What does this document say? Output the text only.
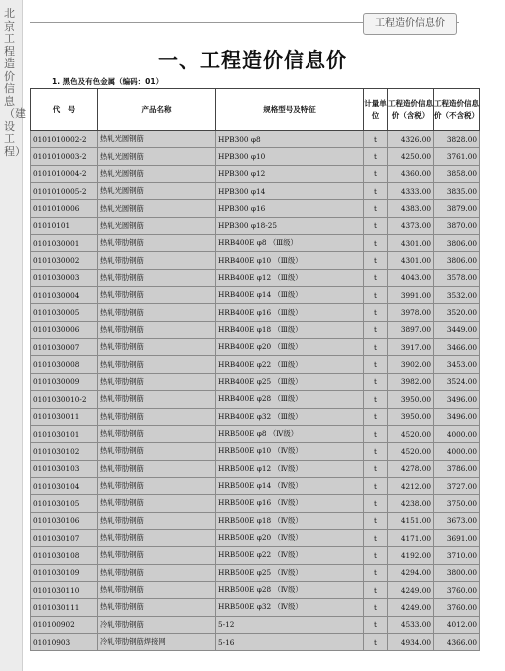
北京工程造价信息（建设工程）
工程造价信息价
一、工程造价信息价
1. 黑色及有色金属（编码：01）
代　号	产品名称	规格型号及特征	计量单位	工程造价信息价（含税）	工程造价信息价（不含税）
0101010002-2	热轧光圆钢筋	HPB300 φ8	t	4326.00	3828.00
0101010003-2	热轧光圆钢筋	HPB300 φ10	t	4250.00	3761.00
0101010004-2	热轧光圆钢筋	HPB300 φ12	t	4360.00	3858.00
0101010005-2	热轧光圆钢筋	HPB300 φ14	t	4333.00	3835.00
0101010006	热轧光圆钢筋	HPB300 φ16	t	4383.00	3879.00
01010101	热轧光圆钢筋	HPB300 φ18-25	t	4373.00	3870.00
0101030001	热轧带肋钢筋	HRB400E φ8 （Ⅲ级）	t	4301.00	3806.00
0101030002	热轧带肋钢筋	HRB400E φ10 （Ⅲ级）	t	4301.00	3806.00
0101030003	热轧带肋钢筋	HRB400E φ12 （Ⅲ级）	t	4043.00	3578.00
0101030004	热轧带肋钢筋	HRB400E φ14 （Ⅲ级）	t	3991.00	3532.00
0101030005	热轧带肋钢筋	HRB400E φ16 （Ⅲ级）	t	3978.00	3520.00
0101030006	热轧带肋钢筋	HRB400E φ18 （Ⅲ级）	t	3897.00	3449.00
0101030007	热轧带肋钢筋	HRB400E φ20 （Ⅲ级）	t	3917.00	3466.00
0101030008	热轧带肋钢筋	HRB400E φ22 （Ⅲ级）	t	3902.00	3453.00
0101030009	热轧带肋钢筋	HRB400E φ25 （Ⅲ级）	t	3982.00	3524.00
0101030010-2	热轧带肋钢筋	HRB400E φ28 （Ⅲ级）	t	3950.00	3496.00
0101030011	热轧带肋钢筋	HRB400E φ32 （Ⅲ级）	t	3950.00	3496.00
0101030101	热轧带肋钢筋	HRB500E φ8 （Ⅳ级）	t	4520.00	4000.00
0101030102	热轧带肋钢筋	HRB500E φ10 （Ⅳ级）	t	4520.00	4000.00
0101030103	热轧带肋钢筋	HRB500E φ12 （Ⅳ级）	t	4278.00	3786.00
0101030104	热轧带肋钢筋	HRB500E φ14 （Ⅳ级）	t	4212.00	3727.00
0101030105	热轧带肋钢筋	HRB500E φ16 （Ⅳ级）	t	4238.00	3750.00
0101030106	热轧带肋钢筋	HRB500E φ18 （Ⅳ级）	t	4151.00	3673.00
0101030107	热轧带肋钢筋	HRB500E φ20 （Ⅳ级）	t	4171.00	3691.00
0101030108	热轧带肋钢筋	HRB500E φ22 （Ⅳ级）	t	4192.00	3710.00
0101030109	热轧带肋钢筋	HRB500E φ25 （Ⅳ级）	t	4294.00	3800.00
0101030110	热轧带肋钢筋	HRB500E φ28 （Ⅳ级）	t	4249.00	3760.00
0101030111	热轧带肋钢筋	HRB500E φ32 （Ⅳ级）	t	4249.00	3760.00
010100902	冷轧带肋钢筋	5-12	t	4533.00	4012.00
01010903	冷轧带肋钢筋焊接网	5-16	t	4934.00	4366.00
